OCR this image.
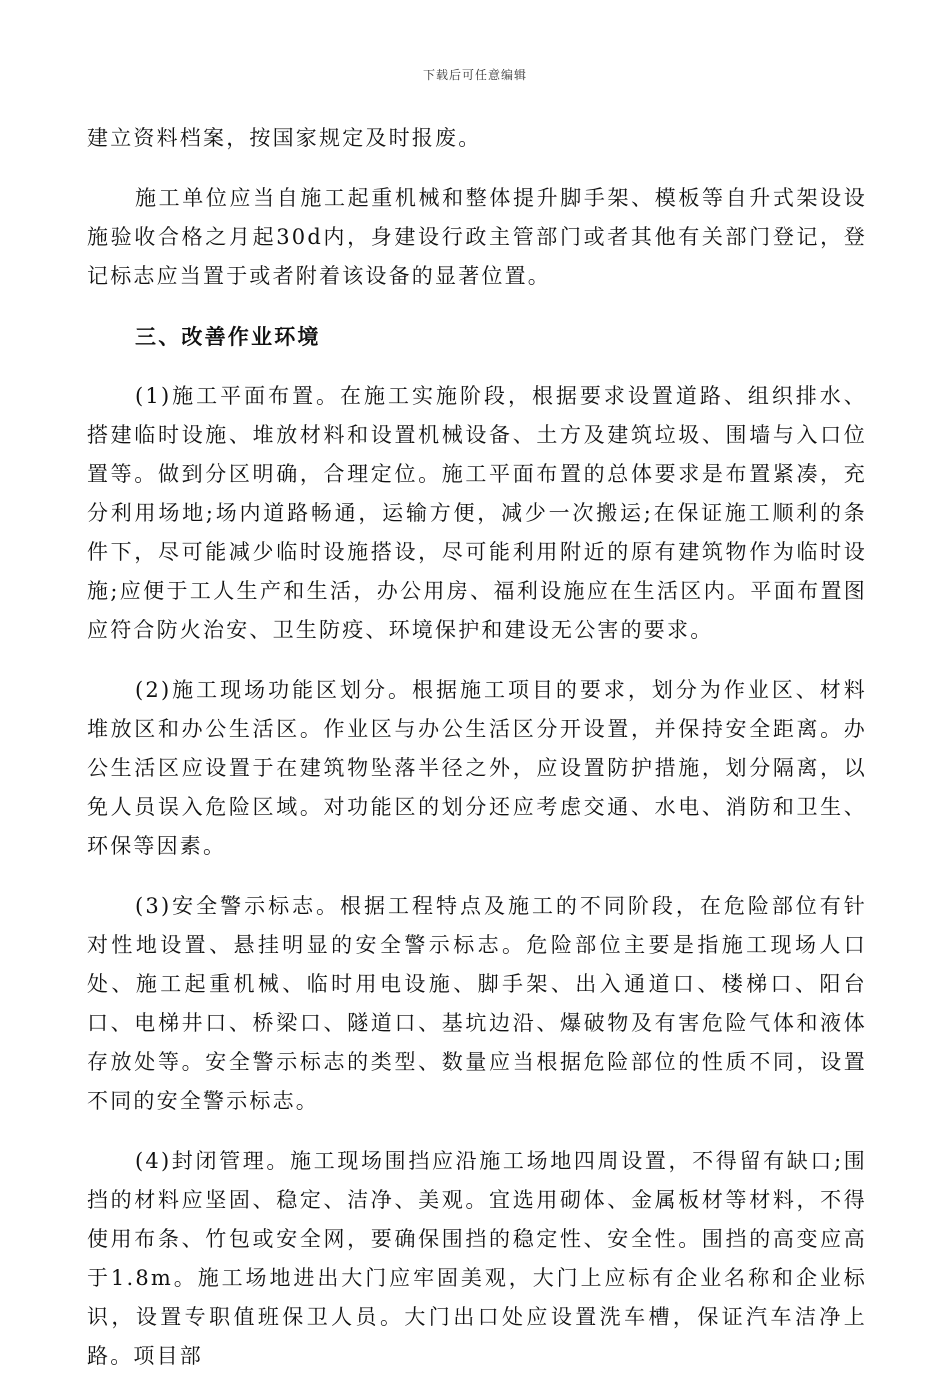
下载后可任意编辑

建立资料档案，按国家规定及时报废。

施工单位应当自施工起重机械和整体提升脚手架、模板等自升式架设设施验收合格之月起30d内，身建设行政主管部门或者其他有关部门登记，登记标志应当置于或者附着该设备的显著位置。

三、改善作业环境

(1)施工平面布置。在施工实施阶段，根据要求设置道路、组织排水、搭建临时设施、堆放材料和设置机械设备、土方及建筑垃圾、围墙与入口位置等。做到分区明确，合理定位。施工平面布置的总体要求是布置紧凑，充分利用场地;场内道路畅通，运输方便，减少一次搬运;在保证施工顺利的条件下，尽可能减少临时设施搭设，尽可能利用附近的原有建筑物作为临时设施;应便于工人生产和生活，办公用房、福利设施应在生活区内。平面布置图应符合防火治安、卫生防疫、环境保护和建设无公害的要求。

(2)施工现场功能区划分。根据施工项目的要求，划分为作业区、材料堆放区和办公生活区。作业区与办公生活区分开设置，并保持安全距离。办公生活区应设置于在建筑物坠落半径之外，应设置防护措施，划分隔离，以免人员误入危险区域。对功能区的划分还应考虑交通、水电、消防和卫生、环保等因素。

(3)安全警示标志。根据工程特点及施工的不同阶段，在危险部位有针对性地设置、悬挂明显的安全警示标志。危险部位主要是指施工现场人口处、施工起重机械、临时用电设施、脚手架、出入通道口、楼梯口、阳台口、电梯井口、桥梁口、隧道口、基坑边沿、爆破物及有害危险气体和液体存放处等。安全警示标志的类型、数量应当根据危险部位的性质不同，设置不同的安全警示标志。

(4)封闭管理。施工现场围挡应沿施工场地四周设置，不得留有缺口;围挡的材料应坚固、稳定、洁净、美观。宜选用砌体、金属板材等材料，不得使用布条、竹包或安全网，要确保围挡的稳定性、安全性。围挡的高变应高于1.8m。施工场地进出大门应牢固美观，大门上应标有企业名称和企业标识，设置专职值班保卫人员。大门出口处应设置洗车槽，保证汽车洁净上路。项目部
